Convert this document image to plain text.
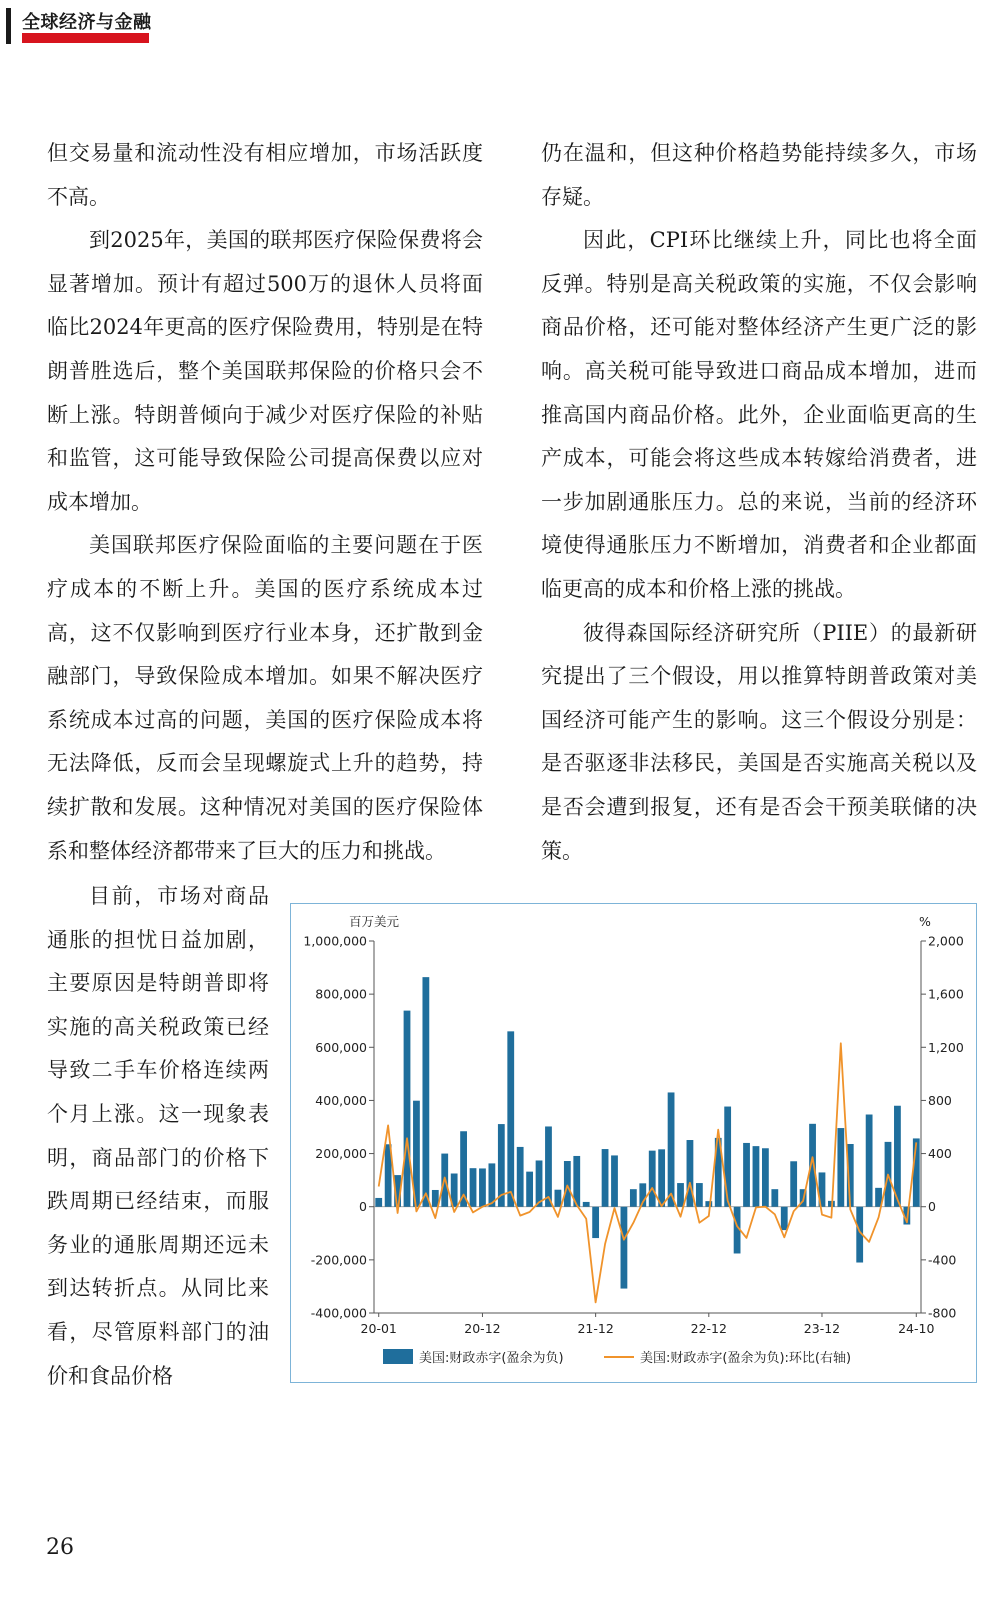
全球经济与金融

但交易量和流动性没有相应增加，市场活跃度不高。

到2025年，美国的联邦医疗保险保费将会显著增加。预计有超过500万的退休人员将面临比2024年更高的医疗保险费用，特别是在特朗普胜选后，整个美国联邦保险的价格只会不断上涨。特朗普倾向于减少对医疗保险的补贴和监管，这可能导致保险公司提高保费以应对成本增加。

美国联邦医疗保险面临的主要问题在于医疗成本的不断上升。美国的医疗系统成本过高，这不仅影响到医疗行业本身，还扩散到金融部门，导致保险成本增加。如果不解决医疗系统成本过高的问题，美国的医疗保险成本将无法降低，反而会呈现螺旋式上升的趋势，持续扩散和发展。这种情况对美国的医疗保险体系和整体经济都带来了巨大的压力和挑战。

目前，市场对商品通胀的担忧日益加剧，主要原因是特朗普即将实施的高关税政策已经导致二手车价格连续两个月上涨。这一现象表明，商品部门的价格下跌周期已经结束，而服务业的通胀周期还远未到达转折点。从同比来看，尽管原料部门的油价和食品价格

仍在温和，但这种价格趋势能持续多久，市场存疑。

因此，CPI环比继续上升，同比也将全面反弹。特别是高关税政策的实施，不仅会影响商品价格，还可能对整体经济产生更广泛的影响。高关税可能导致进口商品成本增加，进而推高国内商品价格。此外，企业面临更高的生产成本，可能会将这些成本转嫁给消费者，进一步加剧通胀压力。总的来说，当前的经济环境使得通胀压力不断增加，消费者和企业都面临更高的成本和价格上涨的挑战。

彼得森国际经济研究所（PIIE）的最新研究提出了三个假设，用以推算特朗普政策对美国经济可能产生的影响。这三个假设分别是：是否驱逐非法移民，美国是否实施高关税以及是否会遭到报复，还有是否会干预美联储的决策。

百万美元	%
1,000,000
800,000
600,000
400,000
200,000
0
-200,000
-400,000
2,000
1,600
1,200
800
400
0
-400
-800
20-01	20-12	21-12	22-12	23-12	24-10
美国:财政赤字(盈余为负)	美国:财政赤字(盈余为负):环比(右轴)
26
